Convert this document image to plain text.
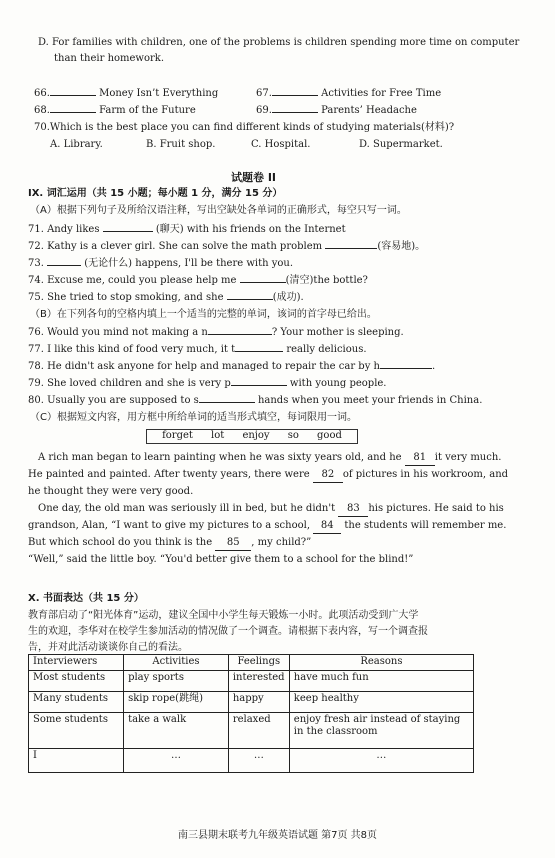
D. For families with children, one of the problems is children spending more time on computer
than their homework.
66.	Money Isn’t Everything	67.	Activities for Free Time
68.	Farm of the Future	69.	Parents’ Headache
70.Which is the best place you can find different kinds of studying materials(材料)?
A. Library.	B. Fruit shop.	C. Hospital.	D. Supermarket.
试题卷 II
IX. 词汇运用（共 15 小题；每小题 1 分，满分 15 分）
（A）根据下列句子及所给汉语注释，写出空缺处各单词的正确形式，每空只写一词。
71. Andy likes	(聊天) with his friends on the Internet
72. Kathy is a clever girl. She can solve the math problem	(容易地)。
73.	(无论什么) happens, I'll be there with you.
74. Excuse me, could you please help me	(清空)the bottle?
75. She tried to stop smoking, and she	(成功).
（B）在下列各句的空格内填上一个适当的完整的单词，该词的首字母已给出。
76. Would you mind not making a n	? Your mother is sleeping.
77. I like this kind of food very much, it t	really delicious.
78. He didn't ask anyone for help and managed to repair the car by h	.
79. She loved children and she is very p	with young people.
80. Usually you are supposed to s	hands when you meet your friends in China.
（C）根据短文内容，用方框中所给单词的适当形式填空，每词限用一词。
forget lot enjoy so good
A rich man began to learn painting when he was sixty years old, and he 81 it very much.
He painted and painted. After twenty years, there were 82 of pictures in his workroom, and
he thought they were very good.
One day, the old man was seriously ill in bed, but he didn't 83 his pictures. He said to his
grandson, Alan, “I want to give my pictures to a school, 84 the students will remember me.
But which school do you think is the 85 , my child?”
“Well,” said the little boy. “You'd better give them to a school for the blind!”
X. 书面表达（共 15 分）
教育部启动了“阳光体育”运动，建议全国中小学生每天锻炼一小时。此项活动受到广大学
生的欢迎，李华对在校学生参加活动的情况做了一个调查。请根据下表内容，写一个调查报
告，并对此活动谈谈你自己的看法。
Interviewers	Activities	Feelings	Reasons
Most students	play sports	interested	have much fun
Many students	skip rope(跳绳)	happy	keep healthy
Some students	take a walk	relaxed	enjoy fresh air instead of staying in the classroom
I	…	…	…
南三县期末联考九年级英语试题 第7页 共8页
